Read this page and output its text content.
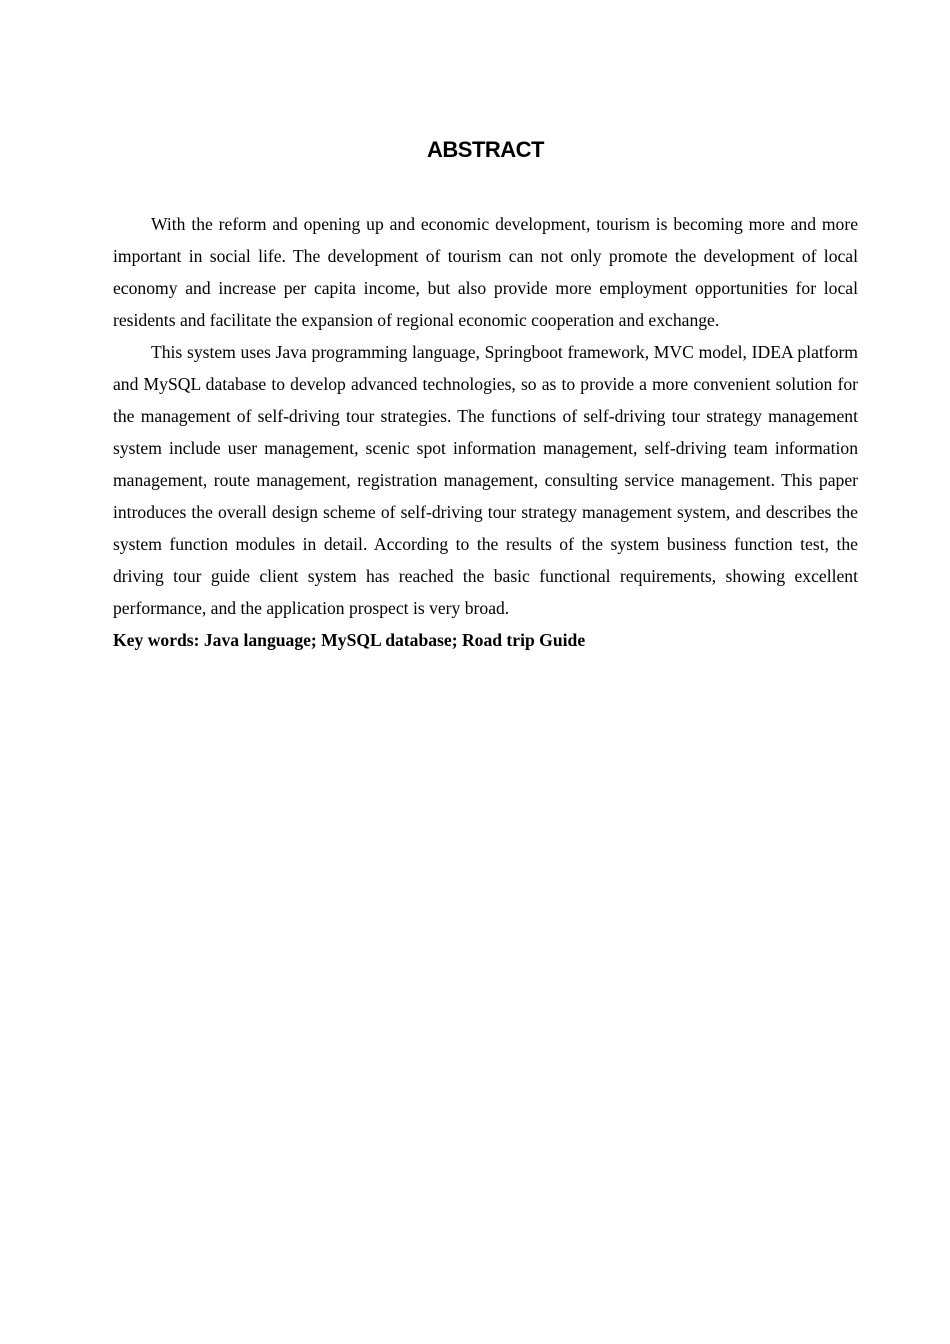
ABSTRACT

With the reform and opening up and economic development, tourism is becoming more and more important in social life. The development of tourism can not only promote the development of local economy and increase per capita income, but also provide more employment opportunities for local residents and facilitate the expansion of regional economic cooperation and exchange.

This system uses Java programming language, Springboot framework, MVC model, IDEA platform and MySQL database to develop advanced technologies, so as to provide a more convenient solution for the management of self-driving tour strategies. The functions of self-driving tour strategy management system include user management, scenic spot information management, self-driving team information management, route management, registration management, consulting service management. This paper introduces the overall design scheme of self-driving tour strategy management system, and describes the system function modules in detail. According to the results of the system business function test, the driving tour guide client system has reached the basic functional requirements, showing excellent performance, and the application prospect is very broad.

Key words: Java language; MySQL database; Road trip Guide
